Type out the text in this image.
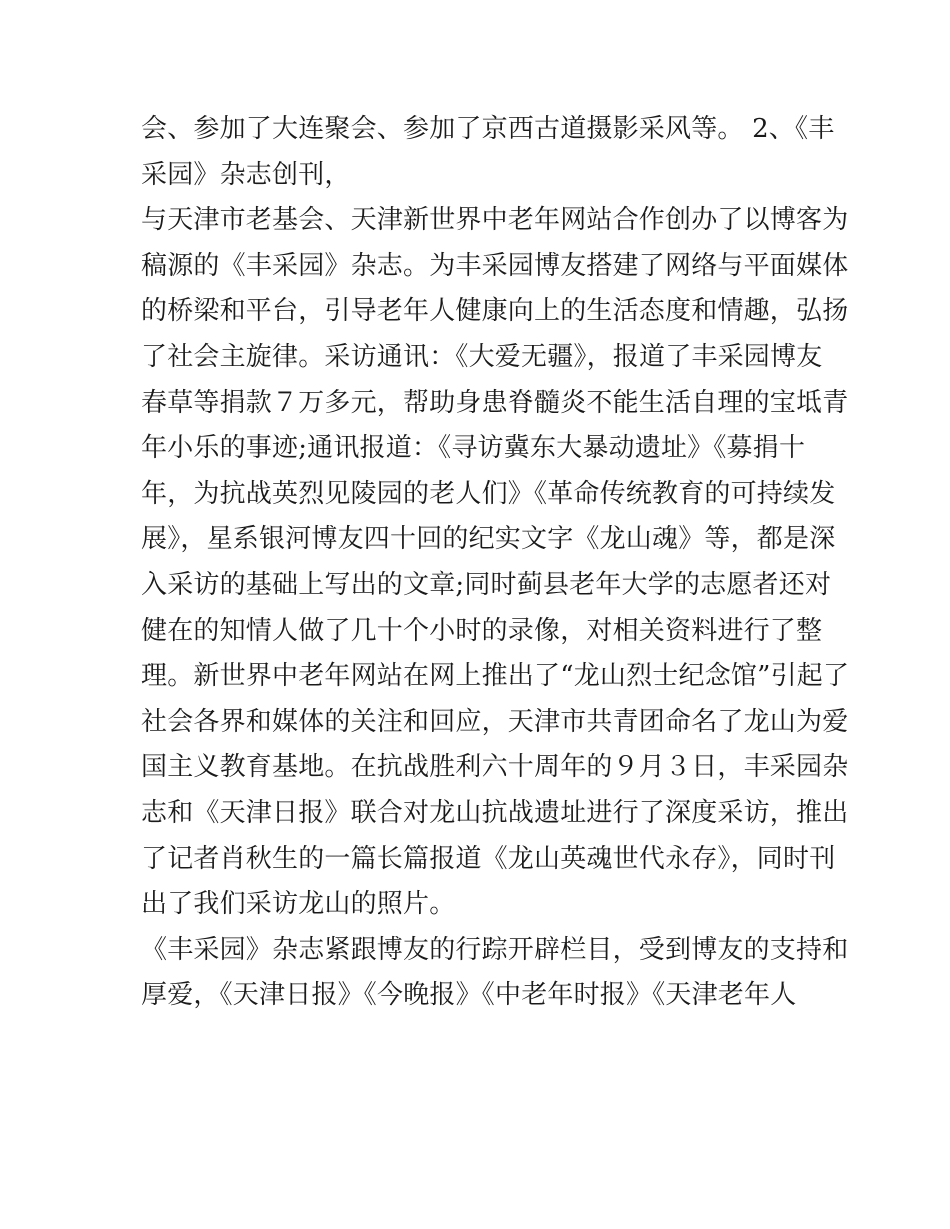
会、参加了大连聚会、参加了京西古道摄影采风等。 2、《丰
采园》杂志创刊，
与天津市老基会、天津新世界中老年网站合作创办了以博客为
稿源的《丰采园》杂志。为丰采园博友搭建了网络与平面媒体
的桥梁和平台，引导老年人健康向上的生活态度和情趣，弘扬
了社会主旋律。采访通讯：《大爱无疆》，报道了丰采园博友
春草等捐款７万多元，帮助身患脊髓炎不能生活自理的宝坻青
年小乐的事迹;通讯报道：《寻访冀东大暴动遗址》《募捐十
年，为抗战英烈见陵园的老人们》《革命传统教育的可持续发
展》，星系银河博友四十回的纪实文字《龙山魂》等，都是深
入采访的基础上写出的文章;同时蓟县老年大学的志愿者还对
健在的知情人做了几十个小时的录像，对相关资料进行了整
理。新世界中老年网站在网上推出了“龙山烈士纪念馆”引起了
社会各界和媒体的关注和回应，天津市共青团命名了龙山为爱
国主义教育基地。在抗战胜利六十周年的９月３日，丰采园杂
志和《天津日报》联合对龙山抗战遗址进行了深度采访，推出
了记者肖秋生的一篇长篇报道《龙山英魂世代永存》，同时刊
出了我们采访龙山的照片。
《丰采园》杂志紧跟博友的行踪开辟栏目，受到博友的支持和
厚爱，《天津日报》《今晚报》《中老年时报》《天津老年人
